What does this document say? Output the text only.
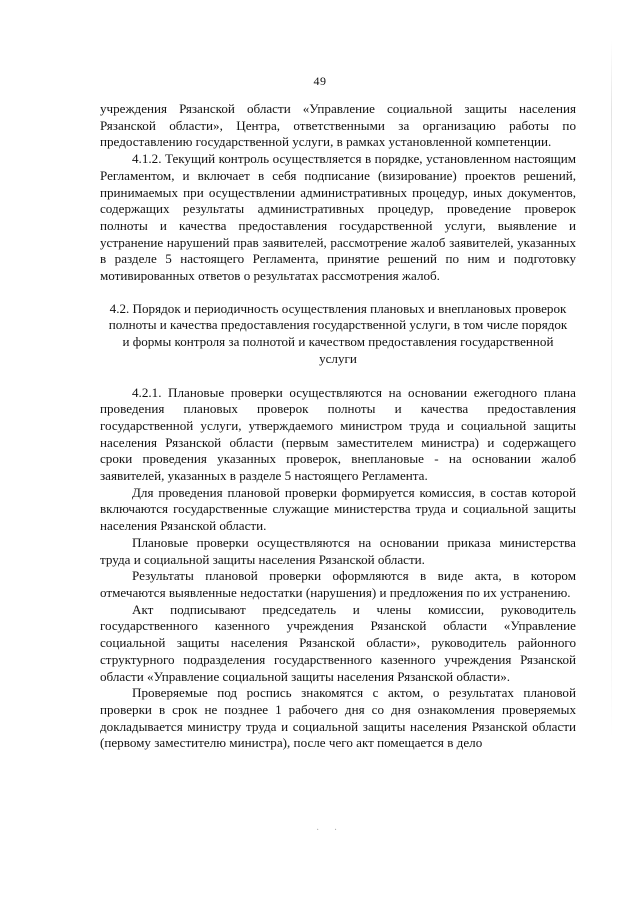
49

учреждения Рязанской области «Управление социальной защиты населения Рязанской области», Центра, ответственными за организацию работы по предоставлению государственной услуги, в рамках установленной компетенции.

4.1.2. Текущий контроль осуществляется в порядке, установленном настоящим Регламентом, и включает в себя подписание (визирование) проектов решений, принимаемых при осуществлении административных процедур, иных документов, содержащих результаты административных процедур, проведение проверок полноты и качества предоставления государственной услуги, выявление и устранение нарушений прав заявителей, рассмотрение жалоб заявителей, указанных в разделе 5 настоящего Регламента, принятие решений по ним и подготовку мотивированных ответов о результатах рассмотрения жалоб.

4.2. Порядок и периодичность осуществления плановых и внеплановых проверок полноты и качества предоставления государственной услуги, в том числе порядок и формы контроля за полнотой и качеством предоставления государственной услуги

4.2.1. Плановые проверки осуществляются на основании ежегодного плана проведения плановых проверок полноты и качества предоставления государственной услуги, утверждаемого министром труда и социальной защиты населения Рязанской области (первым заместителем министра) и содержащего сроки проведения указанных проверок, внеплановые - на основании жалоб заявителей, указанных в разделе 5 настоящего Регламента.

Для проведения плановой проверки формируется комиссия, в состав которой включаются государственные служащие министерства труда и социальной защиты населения Рязанской области.

Плановые проверки осуществляются на основании приказа министерства труда и социальной защиты населения Рязанской области.

Результаты плановой проверки оформляются в виде акта, в котором отмечаются выявленные недостатки (нарушения) и предложения по их устранению.

Акт подписывают председатель и члены комиссии, руководитель государственного казенного учреждения Рязанской области «Управление социальной защиты населения Рязанской области», руководитель районного структурного подразделения государственного казенного учреждения Рязанской области «Управление социальной защиты населения Рязанской области».

Проверяемые под роспись знакомятся с актом, о результатах плановой проверки в срок не позднее 1 рабочего дня со дня ознакомления проверяемых докладывается министру труда и социальной защиты населения Рязанской области (первому заместителю министра), после чего акт помещается в дело

· ·
